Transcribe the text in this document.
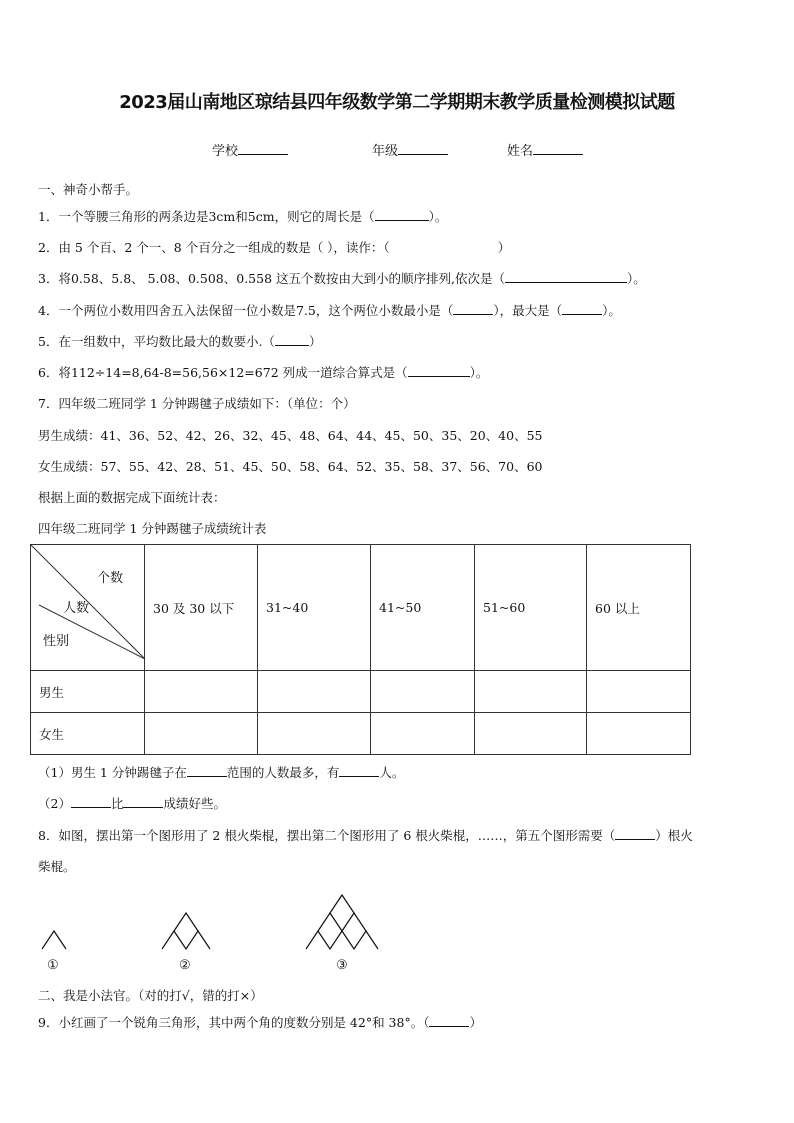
2023届山南地区琼结县四年级数学第二学期期末教学质量检测模拟试题
学校	年级	姓名
一、神奇小帮手。
1．一个等腰三角形的两条边是3cm和5cm，则它的周长是（	）。
2．由 5 个百、2 个一、8 个百分之一组成的数是（ ），读作：（	）
3．将0.58、5.8、 5.08、0.508、0.558 这五个数按由大到小的顺序排列,依次是（	）。
4．一个两位小数用四舍五入法保留一位小数是7.5，这个两位小数最小是（	），最大是（	）。
5．在一组数中，平均数比最大的数要小.（	）
6．将112÷14=8,64-8=56,56×12=672 列成一道综合算式是（	）。
7．四年级二班同学 1 分钟踢毽子成绩如下：（单位：个）
男生成绩：41、36、52、42、26、32、45、48、64、44、45、50、35、20、40、55
女生成绩：57、55、42、28、51、45、50、58、64、52、35、58、37、56、70、60
根据上面的数据完成下面统计表：
四年级二班同学 1 分钟踢毽子成绩统计表
个数
人数
性别	30 及 30 以下	31~40	41~50	51~60	60 以上
男生					
女生					
（1）男生 1 分钟踢毽子在	范围的人数最多，有	人。
（2）	比	成绩好些。
8．如图，摆出第一个图形用了 2 根火柴棍，摆出第二个图形用了 6 根火柴棍，……，第五个图形需要（	）根火
柴棍。
①	②	③
二、我是小法官。（对的打√，错的打×）
9．小红画了一个锐角三角形，其中两个角的度数分别是 42°和 38°。（	）
